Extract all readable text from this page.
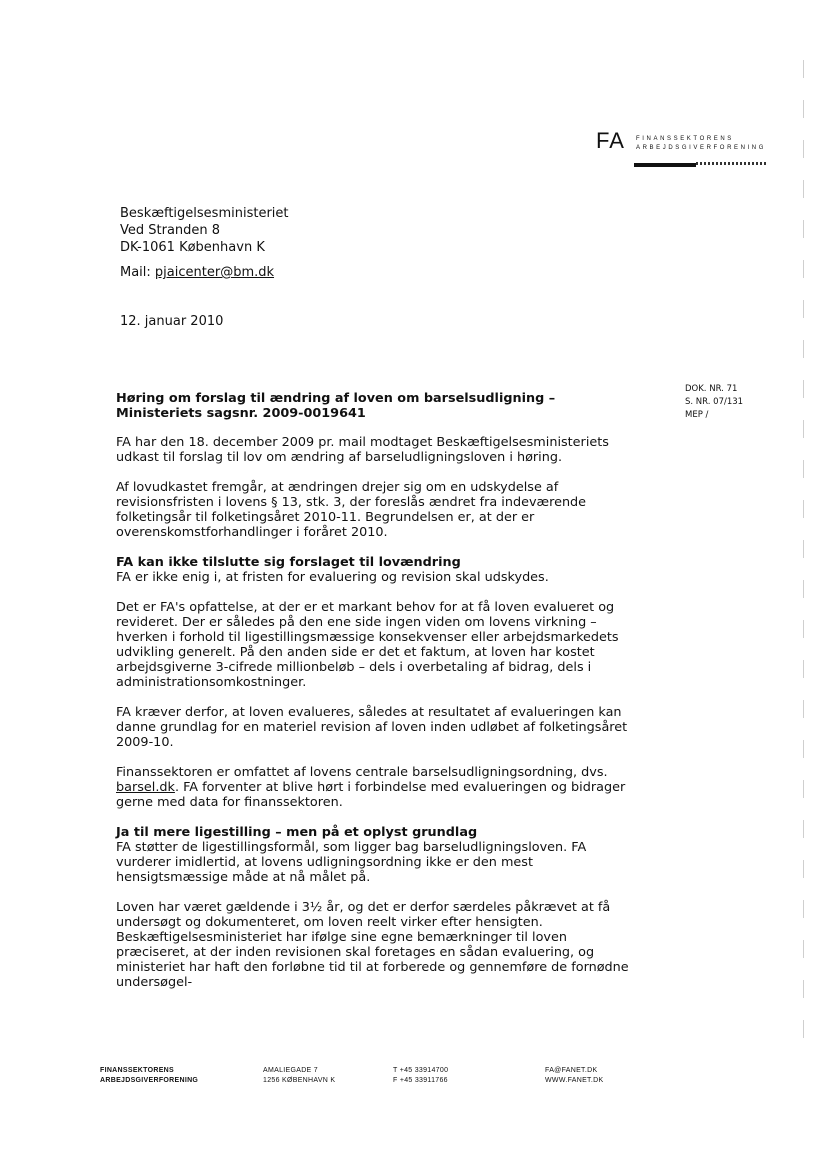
FA FINANSSEKTORENS
ARBEJDSGIVERFORENING
Beskæftigelsesministeriet
Ved Stranden 8
DK-1061 København K
Mail: pjaicenter@bm.dk
12. januar 2010
DOK. NR. 71
S. NR. 07/131
MEP /
Høring om forslag til ændring af loven om barselsudligning – Ministeriets sagsnr. 2009-0019641

FA har den 18. december 2009 pr. mail modtaget Beskæftigelsesministeriets udkast til forslag til lov om ændring af barseludligningsloven i høring.

Af lovudkastet fremgår, at ændringen drejer sig om en udskydelse af revisionsfristen i lovens § 13, stk. 3, der foreslås ændret fra indeværende folketingsår til folketingsåret 2010-11. Begrundelsen er, at der er overenskomstforhandlinger i foråret 2010.

FA kan ikke tilslutte sig forslaget til lovændring

FA er ikke enig i, at fristen for evaluering og revision skal udskydes.

Det er FA's opfattelse, at der er et markant behov for at få loven evalueret og revideret. Der er således på den ene side ingen viden om lovens virkning – hverken i forhold til ligestillingsmæssige konsekvenser eller arbejdsmarkedets udvikling generelt. På den anden side er det et faktum, at loven har kostet arbejdsgiverne 3-cifrede millionbeløb – dels i overbetaling af bidrag, dels i administrationsomkostninger.

FA kræver derfor, at loven evalueres, således at resultatet af evalueringen kan danne grundlag for en materiel revision af loven inden udløbet af folketingsåret 2009-10.

Finanssektoren er omfattet af lovens centrale barselsudligningsordning, dvs. barsel.dk. FA forventer at blive hørt i forbindelse med evalueringen og bidrager gerne med data for finanssektoren.

Ja til mere ligestilling – men på et oplyst grundlag

FA støtter de ligestillingsformål, som ligger bag barseludligningsloven. FA vurderer imidlertid, at lovens udligningsordning ikke er den mest hensigtsmæssige måde at nå målet på.

Loven har været gældende i 3½ år, og det er derfor særdeles påkrævet at få undersøgt og dokumenteret, om loven reelt virker efter hensigten. Beskæftigelsesministeriet har ifølge sine egne bemærkninger til loven præciseret, at der inden revisionen skal foretages en sådan evaluering, og ministeriet har haft den forløbne tid til at forberede og gennemføre de fornødne undersøgel-

FINANSSEKTORENS
ARBEJDSGIVERFORENING
AMALIEGADE 7
1256 KØBENHAVN K
T +45 33914700
F +45 33911766
FA@FANET.DK
WWW.FANET.DK
